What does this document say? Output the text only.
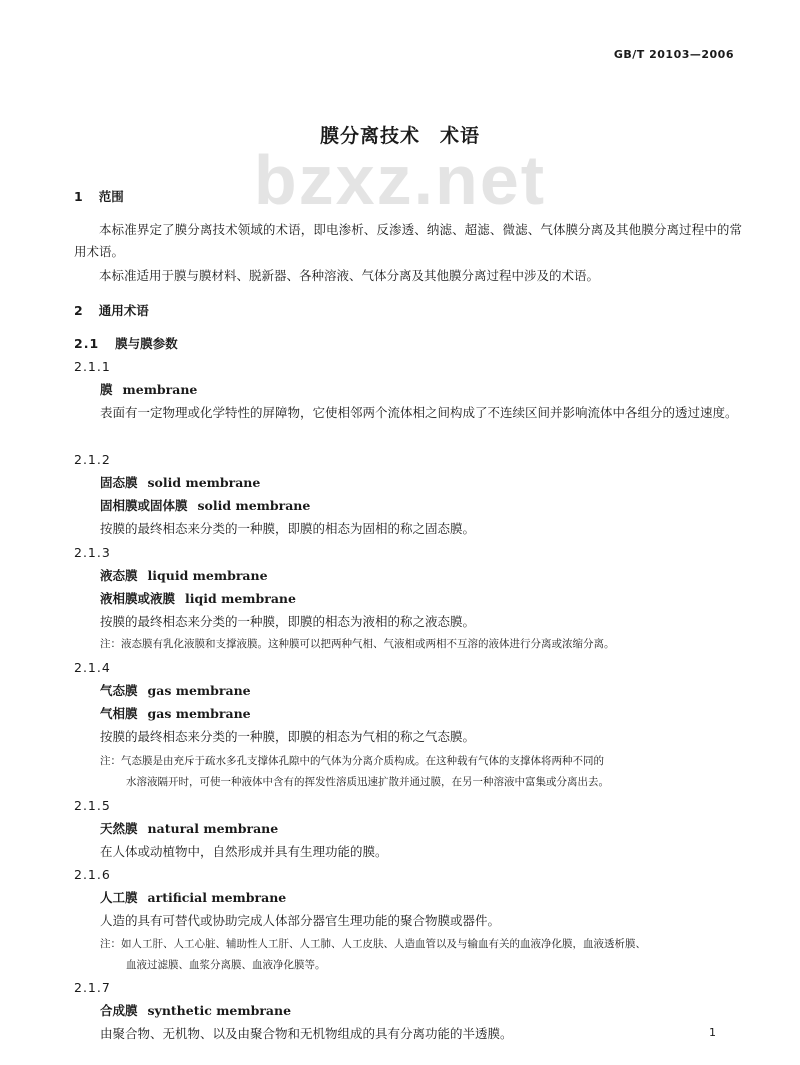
bzxz.net
GB/T 20103—2006
膜分离技术　术语
1 范围
本标准界定了膜分离技术领域的术语，即电渗析、反渗透、纳滤、超滤、微滤、气体膜分离及其他膜分离过程中的常用术语。
本标准适用于膜与膜材料、脱新器、各种溶液、气体分离及其他膜分离过程中涉及的术语。
2 通用术语
2.1 膜与膜参数
2.1.1
膜 membrane
表面有一定物理或化学特性的屏障物，它使相邻两个流体相之间构成了不连续区间并影响流体中各组分的透过速度。
2.1.2
固态膜 solid membrane
固相膜或固体膜 solid membrane
按膜的最终相态来分类的一种膜，即膜的相态为固相的称之固态膜。
2.1.3
液态膜 liquid membrane
液相膜或液膜 liqid membrane
按膜的最终相态来分类的一种膜，即膜的相态为液相的称之液态膜。
注：液态膜有乳化液膜和支撑液膜。这种膜可以把两种气相、气液相或两相不互溶的液体进行分离或浓缩分离。
2.1.4
气态膜 gas membrane
气相膜 gas membrane
按膜的最终相态来分类的一种膜，即膜的相态为气相的称之气态膜。
注：气态膜是由充斥于疏水多孔支撑体孔隙中的气体为分离介质构成。在这种载有气体的支撑体将两种不同的
水溶液隔开时，可使一种液体中含有的挥发性溶质迅速扩散并通过膜，在另一种溶液中富集或分离出去。
2.1.5
天然膜 natural membrane
在人体或动植物中，自然形成并具有生理功能的膜。
2.1.6
人工膜 artificial membrane
人造的具有可替代或协助完成人体部分器官生理功能的聚合物膜或器件。
注：如人工肝、人工心脏、辅助性人工肝、人工肺、人工皮肤、人造血管以及与输血有关的血液净化膜，血液透析膜、
血液过滤膜、血浆分离膜、血液净化膜等。
2.1.7
合成膜 synthetic membrane
由聚合物、无机物、以及由聚合物和无机物组成的具有分离功能的半透膜。	1
